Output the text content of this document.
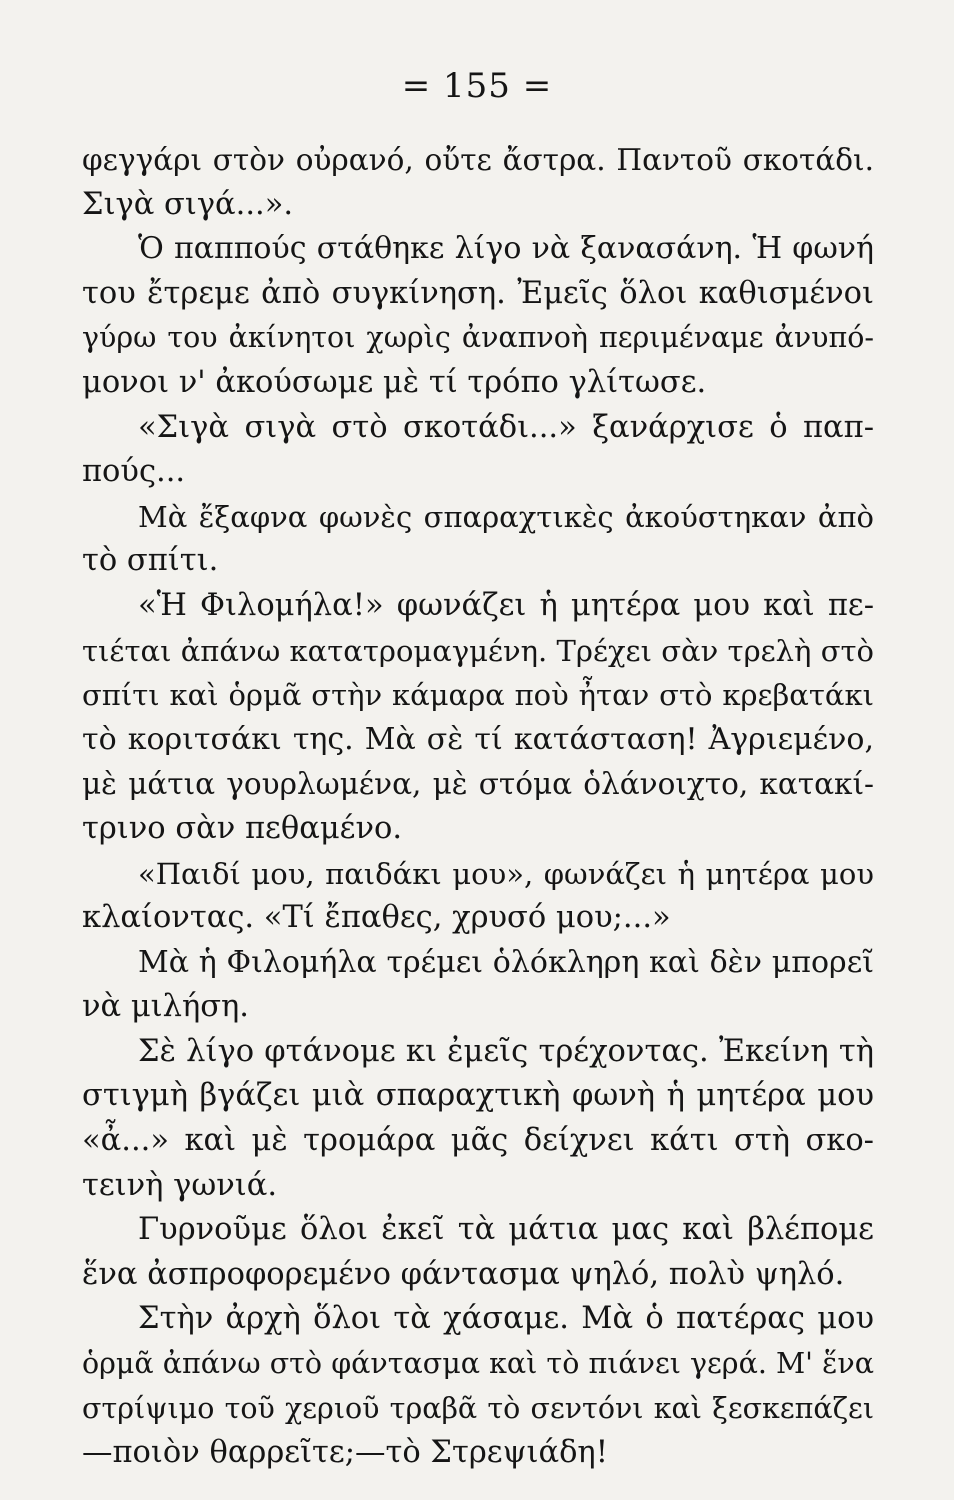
= 155 =
φεγγάρι στὸν οὐρανό, οὔτε ἄστρα. Παντοῦ σκοτάδι.
Σιγὰ σιγά...».
Ὁ παππούς στάθηκε λίγο νὰ ξανασάνη. Ἡ φωνή
του ἔτρεμε ἀπὸ συγκίνηση. Ἐμεῖς ὅλοι καθισμένοι
γύρω του ἀκίνητοι χωρὶς ἀναπνοὴ περιμέναμε ἀνυπό-
μονοι ν' ἀκούσωμε μὲ τί τρόπο γλίτωσε.
«Σιγὰ σιγὰ στὸ σκοτάδι...» ξανάρχισε ὁ παπ-
πούς...
Μὰ ἔξαφνα φωνὲς σπαραχτικὲς ἀκούστηκαν ἀπὸ
τὸ σπίτι.
«Ἡ Φιλομήλα!» φωνάζει ἡ μητέρα μου καὶ πε-
τιέται ἀπάνω κατατρομαγμένη. Τρέχει σὰν τρελὴ στὸ
σπίτι καὶ ὁρμᾶ στὴν κάμαρα ποὺ ἦταν στὸ κρεβατάκι
τὸ κοριτσάκι της. Μὰ σὲ τί κατάσταση! Ἀγριεμένο,
μὲ μάτια γουρλωμένα, μὲ στόμα ὁλάνοιχτο, κατακί-
τρινο σὰν πεθαμένο.
«Παιδί μου, παιδάκι μου», φωνάζει ἡ μητέρα μου
κλαίοντας. «Τί ἔπαθες, χρυσό μου;...»
Μὰ ἡ Φιλομήλα τρέμει ὁλόκληρη καὶ δὲν μπορεῖ
νὰ μιλήση.
Σὲ λίγο φτάνομε κι ἐμεῖς τρέχοντας. Ἐκείνη τὴ
στιγμὴ βγάζει μιὰ σπαραχτικὴ φωνὴ ἡ μητέρα μου
«ἆ...» καὶ μὲ τρομάρα μᾶς δείχνει κάτι στὴ σκο-
τεινὴ γωνιά.
Γυρνοῦμε ὅλοι ἐκεῖ τὰ μάτια μας καὶ βλέπομε
ἕνα ἀσπροφορεμένο φάντασμα ψηλό, πολὺ ψηλό.
Στὴν ἀρχὴ ὅλοι τὰ χάσαμε. Μὰ ὁ πατέρας μου
ὁρμᾶ ἀπάνω στὸ φάντασμα καὶ τὸ πιάνει γερά. Μ' ἕνα
στρίψιμο τοῦ χεριοῦ τραβᾶ τὸ σεντόνι καὶ ξεσκεπάζει
—ποιὸν θαρρεῖτε;—τὸ Στρεψιάδη!
